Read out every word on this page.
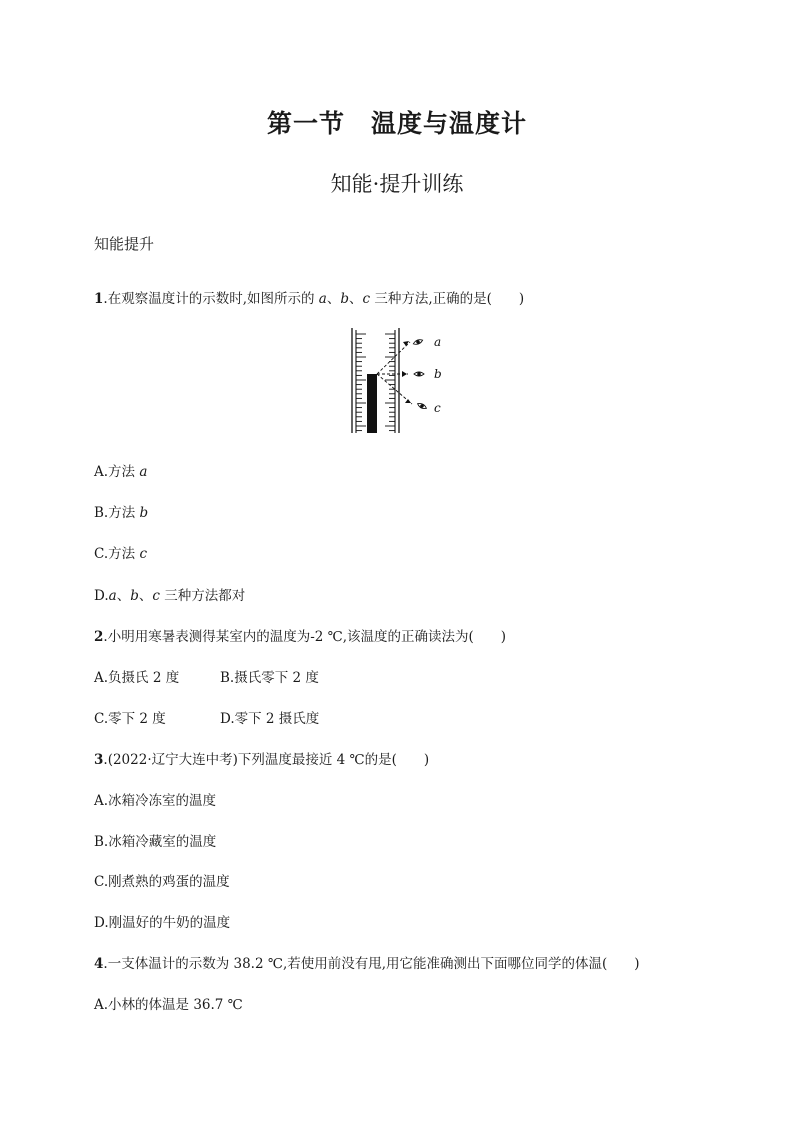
第一节　温度与温度计
知能·提升训练
知能提升
1.在观察温度计的示数时,如图所示的 a、b、c 三种方法,正确的是(　　)
a
b
c
A.方法 a
B.方法 b
C.方法 c
D.a、b、c 三种方法都对
2.小明用寒暑表测得某室内的温度为-2 ℃,该温度的正确读法为(　　)
A.负摄氏 2 度	B.摄氏零下 2 度
C.零下 2 度	D.零下 2 摄氏度
3.(2022·辽宁大连中考)下列温度最接近 4 ℃的是(　　)
A.冰箱冷冻室的温度
B.冰箱冷藏室的温度
C.刚煮熟的鸡蛋的温度
D.刚温好的牛奶的温度
4.一支体温计的示数为 38.2 ℃,若使用前没有甩,用它能准确测出下面哪位同学的体温(　　)
A.小林的体温是 36.7 ℃
